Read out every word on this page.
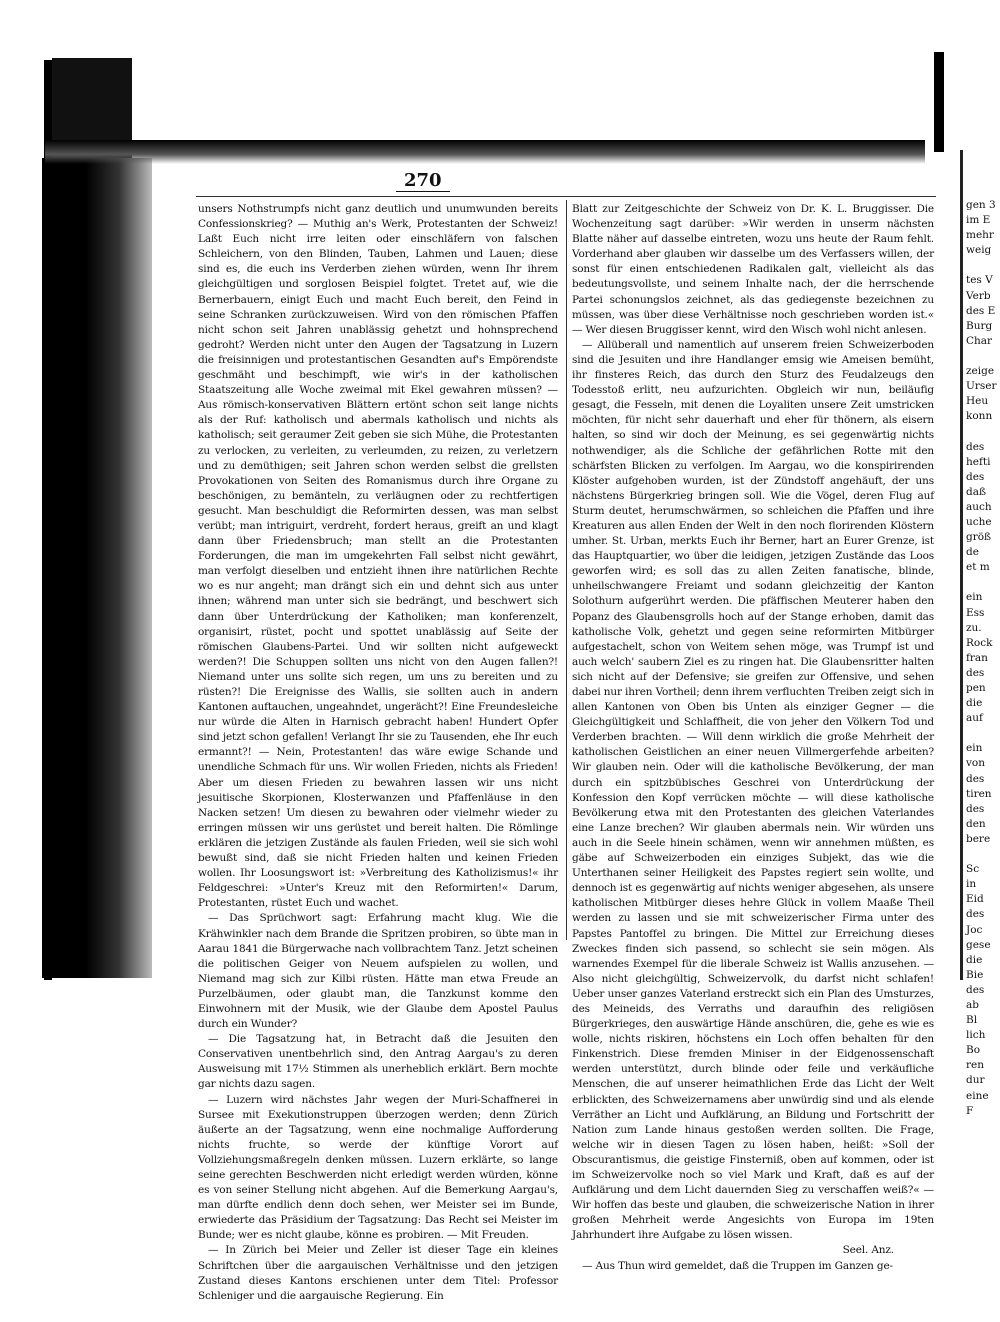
270

unsers Nothstrumpfs nicht ganz deutlich und unumwunden bereits Confessionskrieg? — Muthig an's Werk, Protestanten der Schweiz! Laßt Euch nicht irre leiten oder einschläfern von falschen Schleichern, von den Blinden, Tauben, Lahmen und Lauen; diese sind es, die euch ins Verderben ziehen würden, wenn Ihr ihrem gleichgültigen und sorglosen Beispiel folgtet. Tretet auf, wie die Bernerbauern, einigt Euch und macht Euch bereit, den Feind in seine Schranken zurückzuweisen. Wird von den römischen Pfaffen nicht schon seit Jahren unablässig gehetzt und hohnsprechend gedroht? Werden nicht unter den Augen der Tagsatzung in Luzern die freisinnigen und protestantischen Gesandten auf's Empörendste geschmäht und beschimpft, wie wir's in der katholischen Staatszeitung alle Woche zweimal mit Ekel gewahren müssen? — Aus römisch-konservativen Blättern ertönt schon seit lange nichts als der Ruf: katholisch und abermals katholisch und nichts als katholisch; seit geraumer Zeit geben sie sich Mühe, die Protestanten zu verlocken, zu verleiten, zu verleumden, zu reizen, zu verletzern und zu demüthigen; seit Jahren schon werden selbst die grellsten Provokationen von Seiten des Romanismus durch ihre Organe zu beschönigen, zu bemänteln, zu verläugnen oder zu rechtfertigen gesucht. Man beschuldigt die Reformirten dessen, was man selbst verübt; man intriguirt, verdreht, fordert heraus, greift an und klagt dann über Friedensbruch; man stellt an die Protestanten Forderungen, die man im umgekehrten Fall selbst nicht gewährt, man verfolgt dieselben und entzieht ihnen ihre natürlichen Rechte wo es nur angeht; man drängt sich ein und dehnt sich aus unter ihnen; während man unter sich sie bedrängt, und beschwert sich dann über Unterdrückung der Katholiken; man konferenzelt, organisirt, rüstet, pocht und spottet unablässig auf Seite der römischen Glaubens-Partei. Und wir sollten nicht aufgeweckt werden?! Die Schuppen sollten uns nicht von den Augen fallen?! Niemand unter uns sollte sich regen, um uns zu bereiten und zu rüsten?! Die Ereignisse des Wallis, sie sollten auch in andern Kantonen auftauchen, ungeahndet, ungerächt?! Eine Freundesleiche nur würde die Alten in Harnisch gebracht haben! Hundert Opfer sind jetzt schon gefallen! Verlangt Ihr sie zu Tausenden, ehe Ihr euch ermannt?! — Nein, Protestanten! das wäre ewige Schande und unendliche Schmach für uns. Wir wollen Frieden, nichts als Frieden! Aber um diesen Frieden zu bewahren lassen wir uns nicht jesuitische Skorpionen, Klosterwanzen und Pfaffenläuse in den Nacken setzen! Um diesen zu bewahren oder vielmehr wieder zu erringen müssen wir uns gerüstet und bereit halten. Die Römlinge erklären die jetzigen Zustände als faulen Frieden, weil sie sich wohl bewußt sind, daß sie nicht Frieden halten und keinen Frieden wollen. Ihr Loosungswort ist: »Verbreitung des Katholizismus!« ihr Feldgeschrei: »Unter's Kreuz mit den Reformirten!« Darum, Protestanten, rüstet Euch und wachet.

— Das Sprüchwort sagt: Erfahrung macht klug. Wie die Krähwinkler nach dem Brande die Spritzen probiren, so übte man in Aarau 1841 die Bürgerwache nach vollbrachtem Tanz. Jetzt scheinen die politischen Geiger von Neuem aufspielen zu wollen, und Niemand mag sich zur Kilbi rüsten. Hätte man etwa Freude an Purzelbäumen, oder glaubt man, die Tanzkunst komme den Einwohnern mit der Musik, wie der Glaube dem Apostel Paulus durch ein Wunder?

— Die Tagsatzung hat, in Betracht daß die Jesuiten den Conservativen unentbehrlich sind, den Antrag Aargau's zu deren Ausweisung mit 17½ Stimmen als unerheblich erklärt. Bern mochte gar nichts dazu sagen.

— Luzern wird nächstes Jahr wegen der Muri-Schaffnerei in Sursee mit Exekutionstruppen überzogen werden; denn Zürich äußerte an der Tagsatzung, wenn eine nochmalige Aufforderung nichts fruchte, so werde der künftige Vorort auf Vollziehungsmaßregeln denken müssen. Luzern erklärte, so lange seine gerechten Beschwerden nicht erledigt werden würden, könne es von seiner Stellung nicht abgehen. Auf die Bemerkung Aargau's, man dürfte endlich denn doch sehen, wer Meister sei im Bunde, erwiederte das Präsidium der Tagsatzung: Das Recht sei Meister im Bunde; wer es nicht glaube, könne es probiren. — Mit Freuden.

— In Zürich bei Meier und Zeller ist dieser Tage ein kleines Schriftchen über die aargauischen Verhältnisse und den jetzigen Zustand dieses Kantons erschienen unter dem Titel: Professor Schleniger und die aargauische Regierung. Ein

Blatt zur Zeitgeschichte der Schweiz von Dr. K. L. Bruggisser. Die Wochenzeitung sagt darüber: »Wir werden in unserm nächsten Blatte näher auf dasselbe eintreten, wozu uns heute der Raum fehlt. Vorderhand aber glauben wir dasselbe um des Verfassers willen, der sonst für einen entschiedenen Radikalen galt, vielleicht als das bedeutungsvollste, und seinem Inhalte nach, der die herrschende Partei schonungslos zeichnet, als das gediegenste bezeichnen zu müssen, was über diese Verhältnisse noch geschrieben worden ist.« — Wer diesen Bruggisser kennt, wird den Wisch wohl nicht anlesen.

— Allüberall und namentlich auf unserem freien Schweizerboden sind die Jesuiten und ihre Handlanger emsig wie Ameisen bemüht, ihr finsteres Reich, das durch den Sturz des Feudalzeugs den Todesstoß erlitt, neu aufzurichten. Obgleich wir nun, beiläufig gesagt, die Fesseln, mit denen die Loyaliten unsere Zeit umstricken möchten, für nicht sehr dauerhaft und eher für thönern, als eisern halten, so sind wir doch der Meinung, es sei gegenwärtig nichts nothwendiger, als die Schliche der gefährlichen Rotte mit den schärfsten Blicken zu verfolgen. Im Aargau, wo die konspirirenden Klöster aufgehoben wurden, ist der Zündstoff angehäuft, der uns nächstens Bürgerkrieg bringen soll. Wie die Vögel, deren Flug auf Sturm deutet, herumschwärmen, so schleichen die Pfaffen und ihre Kreaturen aus allen Enden der Welt in den noch florirenden Klöstern umher. St. Urban, merkts Euch ihr Berner, hart an Eurer Grenze, ist das Hauptquartier, wo über die leidigen, jetzigen Zustände das Loos geworfen wird; es soll das zu allen Zeiten fanatische, blinde, unheilschwangere Freiamt und sodann gleichzeitig der Kanton Solothurn aufgerührt werden. Die pfäffischen Meuterer haben den Popanz des Glaubensgrolls hoch auf der Stange erhoben, damit das katholische Volk, gehetzt und gegen seine reformirten Mitbürger aufgestachelt, schon von Weitem sehen möge, was Trumpf ist und auch welch' saubern Ziel es zu ringen hat. Die Glaubensritter halten sich nicht auf der Defensive; sie greifen zur Offensive, und sehen dabei nur ihren Vortheil; denn ihrem verfluchten Treiben zeigt sich in allen Kantonen von Oben bis Unten als einziger Gegner — die Gleichgültigkeit und Schlaffheit, die von jeher den Völkern Tod und Verderben brachten. — Will denn wirklich die große Mehrheit der katholischen Geistlichen an einer neuen Villmergerfehde arbeiten? Wir glauben nein. Oder will die katholische Bevölkerung, der man durch ein spitzbübisches Geschrei von Unterdrückung der Konfession den Kopf verrücken möchte — will diese katholische Bevölkerung etwa mit den Protestanten des gleichen Vaterlandes eine Lanze brechen? Wir glauben abermals nein. Wir würden uns auch in die Seele hinein schämen, wenn wir annehmen müßten, es gäbe auf Schweizerboden ein einziges Subjekt, das wie die Unterthanen seiner Heiligkeit des Papstes regiert sein wollte, und dennoch ist es gegenwärtig auf nichts weniger abgesehen, als unsere katholischen Mitbürger dieses hehre Glück in vollem Maaße Theil werden zu lassen und sie mit schweizerischer Firma unter des Papstes Pantoffel zu bringen. Die Mittel zur Erreichung dieses Zweckes finden sich passend, so schlecht sie sein mögen. Als warnendes Exempel für die liberale Schweiz ist Wallis anzusehen. — Also nicht gleichgültig, Schweizervolk, du darfst nicht schlafen! Ueber unser ganzes Vaterland erstreckt sich ein Plan des Umsturzes, des Meineids, des Verraths und daraufhin des religiösen Bürgerkrieges, den auswärtige Hände anschüren, die, gehe es wie es wolle, nichts riskiren, höchstens ein Loch offen behalten für den Finkenstrich. Diese fremden Miniser in der Eidgenossenschaft werden unterstützt, durch blinde oder feile und verkäufliche Menschen, die auf unserer heimathlichen Erde das Licht der Welt erblickten, des Schweizernamens aber unwürdig sind und als elende Verräther an Licht und Aufklärung, an Bildung und Fortschritt der Nation zum Lande hinaus gestoßen werden sollten. Die Frage, welche wir in diesen Tagen zu lösen haben, heißt: »Soll der Obscurantismus, die geistige Finsterniß, oben auf kommen, oder ist im Schweizervolke noch so viel Mark und Kraft, daß es auf der Aufklärung und dem Licht dauernden Sieg zu verschaffen weiß?« — Wir hoffen das beste und glauben, die schweizerische Nation in ihrer großen Mehrheit werde Angesichts von Europa im 19ten Jahrhundert ihre Aufgabe zu lösen wissen.

Seel. Anz.

— Aus Thun wird gemeldet, daß die Truppen im Ganzen ge-

gen 3
im E
mehr
weig
tes V
Verb
des E
Burg
Char
zeige
Urser
Heu
konn
des
hefti
des
daß
auch
uche
größ
de
et m
ein
Ess
zu.
Rock
fran
des
pen
die
auf
ein
von
des
tiren
des
den
bere
Sc
in
Eid
des
Joc
gese
die
Bie
des
ab
Bl
lich
Bo
ren
dur
eine
F
